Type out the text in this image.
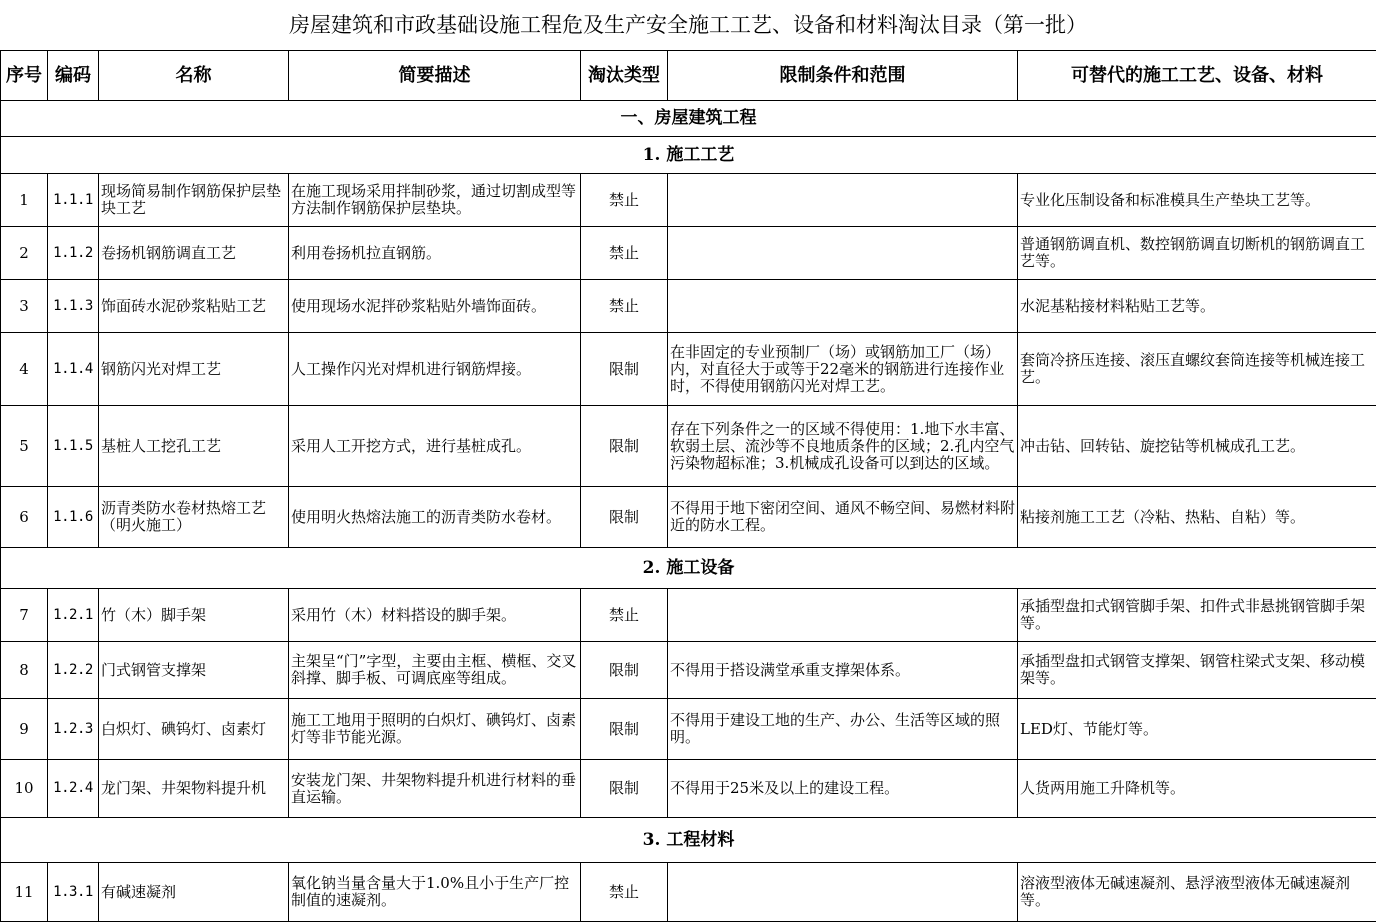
房屋建筑和市政基础设施工程危及生产安全施工工艺、设备和材料淘汰目录（第一批）
序号	编码	名称	简要描述	淘汰类型	限制条件和范围	可替代的施工工艺、设备、材料
一、房屋建筑工程						
1. 施工工艺						
1	1.1.1	现场简易制作钢筋保护层垫块工艺	在施工现场采用拌制砂浆，通过切割成型等方法制作钢筋保护层垫块。	禁止		专业化压制设备和标准模具生产垫块工艺等。
2	1.1.2	卷扬机钢筋调直工艺	利用卷扬机拉直钢筋。	禁止		普通钢筋调直机、数控钢筋调直切断机的钢筋调直工艺等。
3	1.1.3	饰面砖水泥砂浆粘贴工艺	使用现场水泥拌砂浆粘贴外墙饰面砖。	禁止		水泥基粘接材料粘贴工艺等。
4	1.1.4	钢筋闪光对焊工艺	人工操作闪光对焊机进行钢筋焊接。	限制	在非固定的专业预制厂（场）或钢筋加工厂（场）内，对直径大于或等于22毫米的钢筋进行连接作业时，不得使用钢筋闪光对焊工艺。	套筒冷挤压连接、滚压直螺纹套筒连接等机械连接工艺。
5	1.1.5	基桩人工挖孔工艺	采用人工开挖方式，进行基桩成孔。	限制	存在下列条件之一的区域不得使用：1.地下水丰富、软弱土层、流沙等不良地质条件的区域；2.孔内空气污染物超标准；3.机械成孔设备可以到达的区域。	冲击钻、回转钻、旋挖钻等机械成孔工艺。
6	1.1.6	沥青类防水卷材热熔工艺（明火施工）	使用明火热熔法施工的沥青类防水卷材。	限制	不得用于地下密闭空间、通风不畅空间、易燃材料附近的防水工程。	粘接剂施工工艺（冷粘、热粘、自粘）等。
2. 施工设备						
7	1.2.1	竹（木）脚手架	采用竹（木）材料搭设的脚手架。	禁止		承插型盘扣式钢管脚手架、扣件式非悬挑钢管脚手架等。
8	1.2.2	门式钢管支撑架	主架呈“门”字型，主要由主框、横框、交叉斜撑、脚手板、可调底座等组成。	限制	不得用于搭设满堂承重支撑架体系。	承插型盘扣式钢管支撑架、钢管柱梁式支架、移动模架等。
9	1.2.3	白炽灯、碘钨灯、卤素灯	施工工地用于照明的白炽灯、碘钨灯、卤素灯等非节能光源。	限制	不得用于建设工地的生产、办公、生活等区域的照明。	LED灯、节能灯等。
10	1.2.4	龙门架、井架物料提升机	安装龙门架、井架物料提升机进行材料的垂直运输。	限制	不得用于25米及以上的建设工程。	人货两用施工升降机等。
3. 工程材料						
11	1.3.1	有碱速凝剂	氧化钠当量含量大于1.0%且小于生产厂控制值的速凝剂。	禁止		溶液型液体无碱速凝剂、悬浮液型液体无碱速凝剂等。
